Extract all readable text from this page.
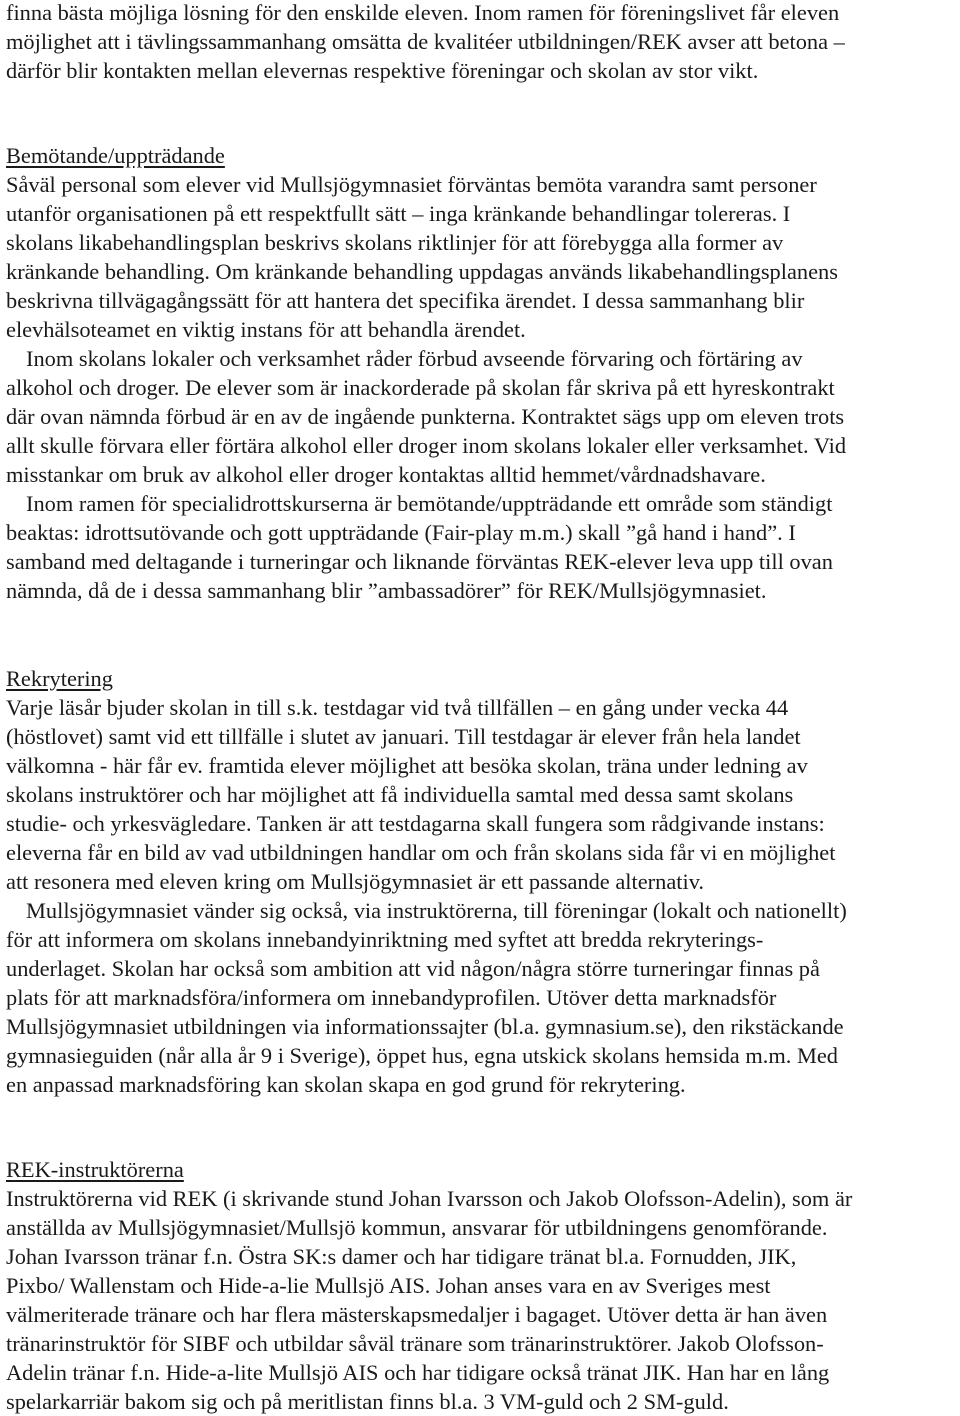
finna bästa möjliga lösning för den enskilde eleven. Inom ramen för föreningslivet får eleven

möjlighet att i tävlingssammanhang omsätta de kvalitéer utbildningen/REK avser att betona –

därför blir kontakten mellan elevernas respektive föreningar och skolan av stor vikt.

Bemötande/uppträdande

Såväl personal som elever vid Mullsjögymnasiet förväntas bemöta varandra samt personer

utanför organisationen på ett respektfullt sätt – inga kränkande behandlingar tolereras. I

skolans likabehandlingsplan beskrivs skolans riktlinjer för att förebygga alla former av

kränkande behandling. Om kränkande behandling uppdagas används likabehandlingsplanens

beskrivna tillvägagångssätt för att hantera det specifika ärendet. I dessa sammanhang blir

elevhälsoteamet en viktig instans för att behandla ärendet.

Inom skolans lokaler och verksamhet råder förbud avseende förvaring och förtäring av

alkohol och droger. De elever som är inackorderade på skolan får skriva på ett hyreskontrakt

där ovan nämnda förbud är en av de ingående punkterna. Kontraktet sägs upp om eleven trots

allt skulle förvara eller förtära alkohol eller droger inom skolans lokaler eller verksamhet. Vid

misstankar om bruk av alkohol eller droger kontaktas alltid hemmet/vårdnadshavare.

Inom ramen för specialidrottskurserna är bemötande/uppträdande ett område som ständigt

beaktas: idrottsutövande och gott uppträdande (Fair-play m.m.) skall ”gå hand i hand”. I

samband med deltagande i turneringar och liknande förväntas REK-elever leva upp till ovan

nämnda, då de i dessa sammanhang blir ”ambassadörer” för REK/Mullsjögymnasiet.

Rekrytering

Varje läsår bjuder skolan in till s.k. testdagar vid två tillfällen – en gång under vecka 44

(höstlovet) samt vid ett tillfälle i slutet av januari. Till testdagar är elever från hela landet

välkomna - här får ev. framtida elever möjlighet att besöka skolan, träna under ledning av

skolans instruktörer och har möjlighet att få individuella samtal med dessa samt skolans

studie- och yrkesvägledare. Tanken är att testdagarna skall fungera som rådgivande instans:

eleverna får en bild av vad utbildningen handlar om och från skolans sida får vi en möjlighet

att resonera med eleven kring om Mullsjögymnasiet är ett passande alternativ.

Mullsjögymnasiet vänder sig också, via instruktörerna, till föreningar (lokalt och nationellt)

för att informera om skolans innebandyinriktning med syftet att bredda rekryterings-

underlaget. Skolan har också som ambition att vid någon/några större turneringar finnas på

plats för att marknadsföra/informera om innebandyprofilen. Utöver detta marknadsför

Mullsjögymnasiet utbildningen via informationssajter (bl.a. gymnasium.se), den rikstäckande

gymnasieguiden (når alla år 9 i Sverige), öppet hus, egna utskick skolans hemsida m.m. Med

en anpassad marknadsföring kan skolan skapa en god grund för rekrytering.

REK-instruktörerna

Instruktörerna vid REK (i skrivande stund Johan Ivarsson och Jakob Olofsson-Adelin), som är

anställda av Mullsjögymnasiet/Mullsjö kommun, ansvarar för utbildningens genomförande.

Johan Ivarsson tränar f.n. Östra SK:s damer och har tidigare tränat bl.a. Fornudden, JIK,

Pixbo/ Wallenstam och Hide-a-lie Mullsjö AIS. Johan anses vara en av Sveriges mest

välmeriterade tränare och har flera mästerskapsmedaljer i bagaget. Utöver detta är han även

tränarinstruktör för SIBF och utbildar såväl tränare som tränarinstruktörer. Jakob Olofsson-

Adelin tränar f.n. Hide-a-lite Mullsjö AIS och har tidigare också tränat JIK. Han har en lång

spelarkarriär bakom sig och på meritlistan finns bl.a. 3 VM-guld och 2 SM-guld.
